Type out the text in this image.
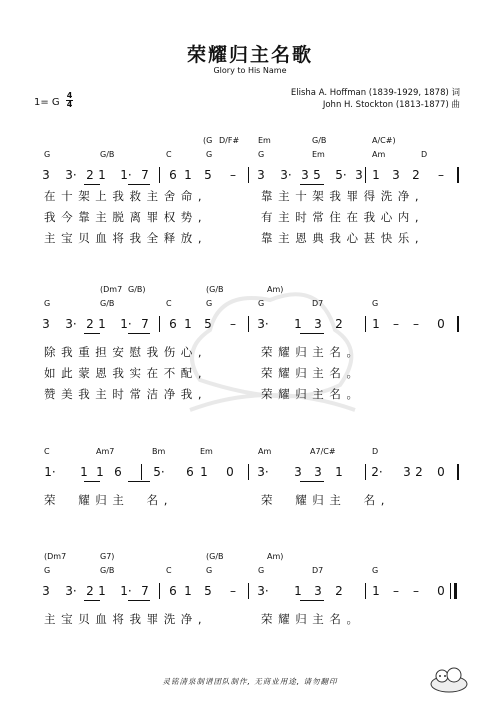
荣耀归主名歌
Glory to His Name
Elisha A. Hoffman (1839-1929, 1878) 词
John H. Stockton (1813-1877) 曲
1= G
4
4
(G D/F# Em	G/B	A/C#)
G	G/B	C	G	G	Em	Am	D
3 3· 2 1 1· 7 6 1 5 – 3 3· 3 5 5· 3 1 3 2 –
在十架上我救主舍命,	靠主十架我罪得洗净,
我今靠主脱离罪权势,	有主时常住在我心内,
主宝贝血将我全释放,	靠主恩典我心甚快乐,
(Dm7 G/B)	(G/B	Am)
G	G/B	C	G	G	D7	G
3 3· 2 1 1· 7 6 1 5 – 3· 1 3 2 1 – – 0
除我重担安慰我伤心,	荣耀归主名。
如此蒙恩我实在不配,	荣耀归主名。
赞美我主时常洁净我,	荣耀归主名。
C	Am7	Bm	Em	Am	A7/C#	D
1· 1 1 6	5· 6 1 0 3· 3 3 1 2· 3 2 0
荣　耀归主　名,	荣　耀归主　名,
(Dm7	G7)	(G/B	Am)
G	G/B	C	G	G	D7	G
3 3· 2 1 1· 7 6 1 5 – 3· 1 3 2 1 – – 0
主宝贝血将我罪洗净,	荣耀归主名。
灵铭清泉制谱团队制作, 无商业用途, 请勿翻印
